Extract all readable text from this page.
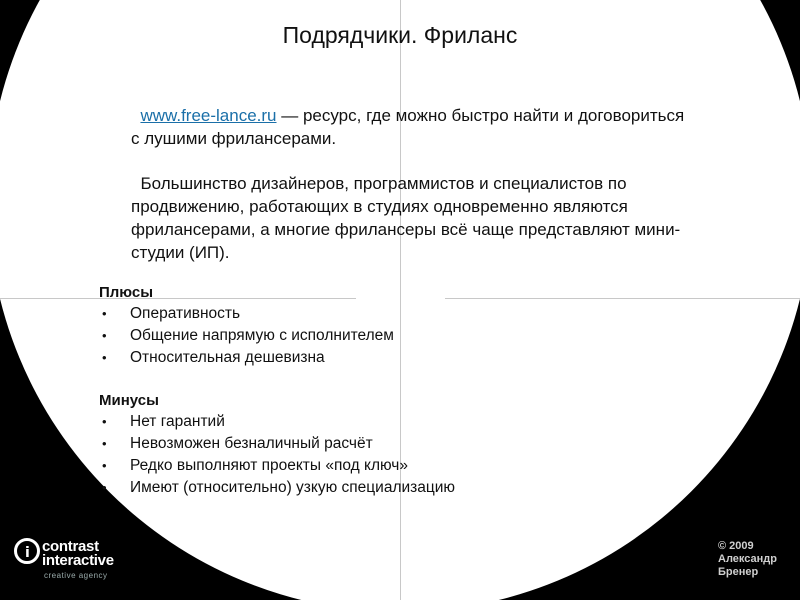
Подрядчики. Фриланс
www.free-lance.ru — ресурс, где можно быстро найти и договориться с лушими фрилансерами.
Большинство дизайнеров, программистов и специалистов по продвижению, работающих в студиях одновременно являются фрилансерами, а многие фрилансеры всё чаще представляют мини-студии (ИП).
Плюсы
• Оперативность
• Общение напрямую с исполнителем
• Относительная дешевизна
Минусы
• Нет гарантий
• Невозможен безналичный расчёт
• Редко выполняют проекты «под ключ»
• Имеют (относительно) узкую специализацию
i contrast
interactive
creative agency
© 2009
Александр
Бренер
